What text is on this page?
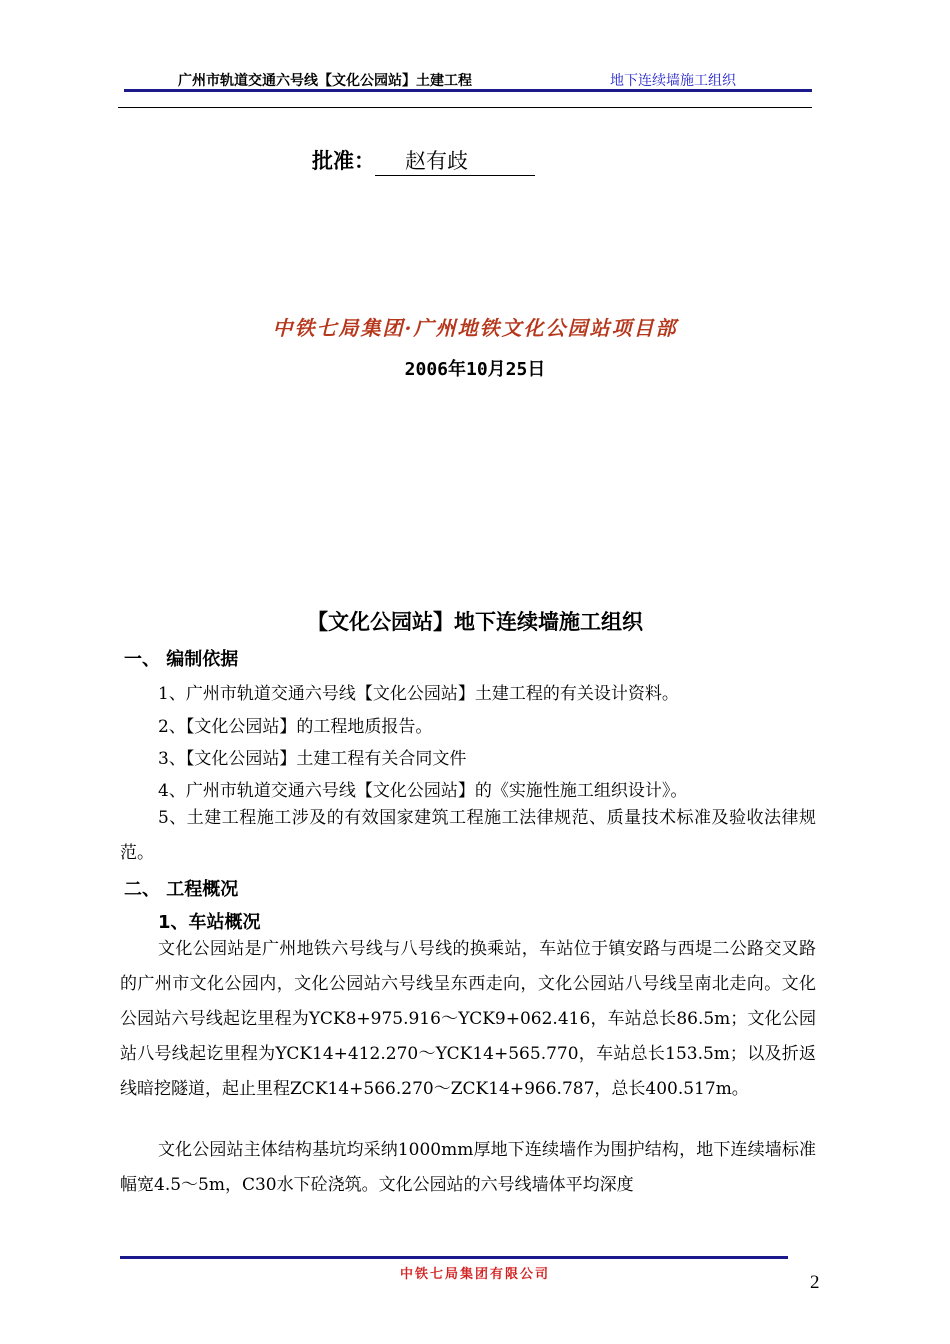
广州市轨道交通六号线【文化公园站】土建工程	地下连续墙施工组织
批准： 赵有歧
中铁七局集团·广州地铁文化公园站项目部
2006年10月25日
【文化公园站】地下连续墙施工组织
一、 编制依据
1、广州市轨道交通六号线【文化公园站】土建工程的有关设计资料。
2、【文化公园站】的工程地质报告。
3、【文化公园站】土建工程有关合同文件
4、广州市轨道交通六号线【文化公园站】的《实施性施工组织设计》。
5、土建工程施工涉及的有效国家建筑工程施工法律规范、质量技术标准及验收法律规范。
二、 工程概况
1、车站概况
文化公园站是广州地铁六号线与八号线的换乘站，车站位于镇安路与西堤二公路交叉路的广州市文化公园内，文化公园站六号线呈东西走向，文化公园站八号线呈南北走向。文化公园站六号线起讫里程为YCK8+975.916～YCK9+062.416，车站总长86.5m；文化公园站八号线起讫里程为YCK14+412.270～YCK14+565.770，车站总长153.5m；以及折返线暗挖隧道，起止里程ZCK14+566.270～ZCK14+966.787，总长400.517m。
文化公园站主体结构基坑均采纳1000mm厚地下连续墙作为围护结构，地下连续墙标准幅宽4.5～5m，C30水下砼浇筑。文化公园站的六号线墙体平均深度
中铁七局集团有限公司	2
